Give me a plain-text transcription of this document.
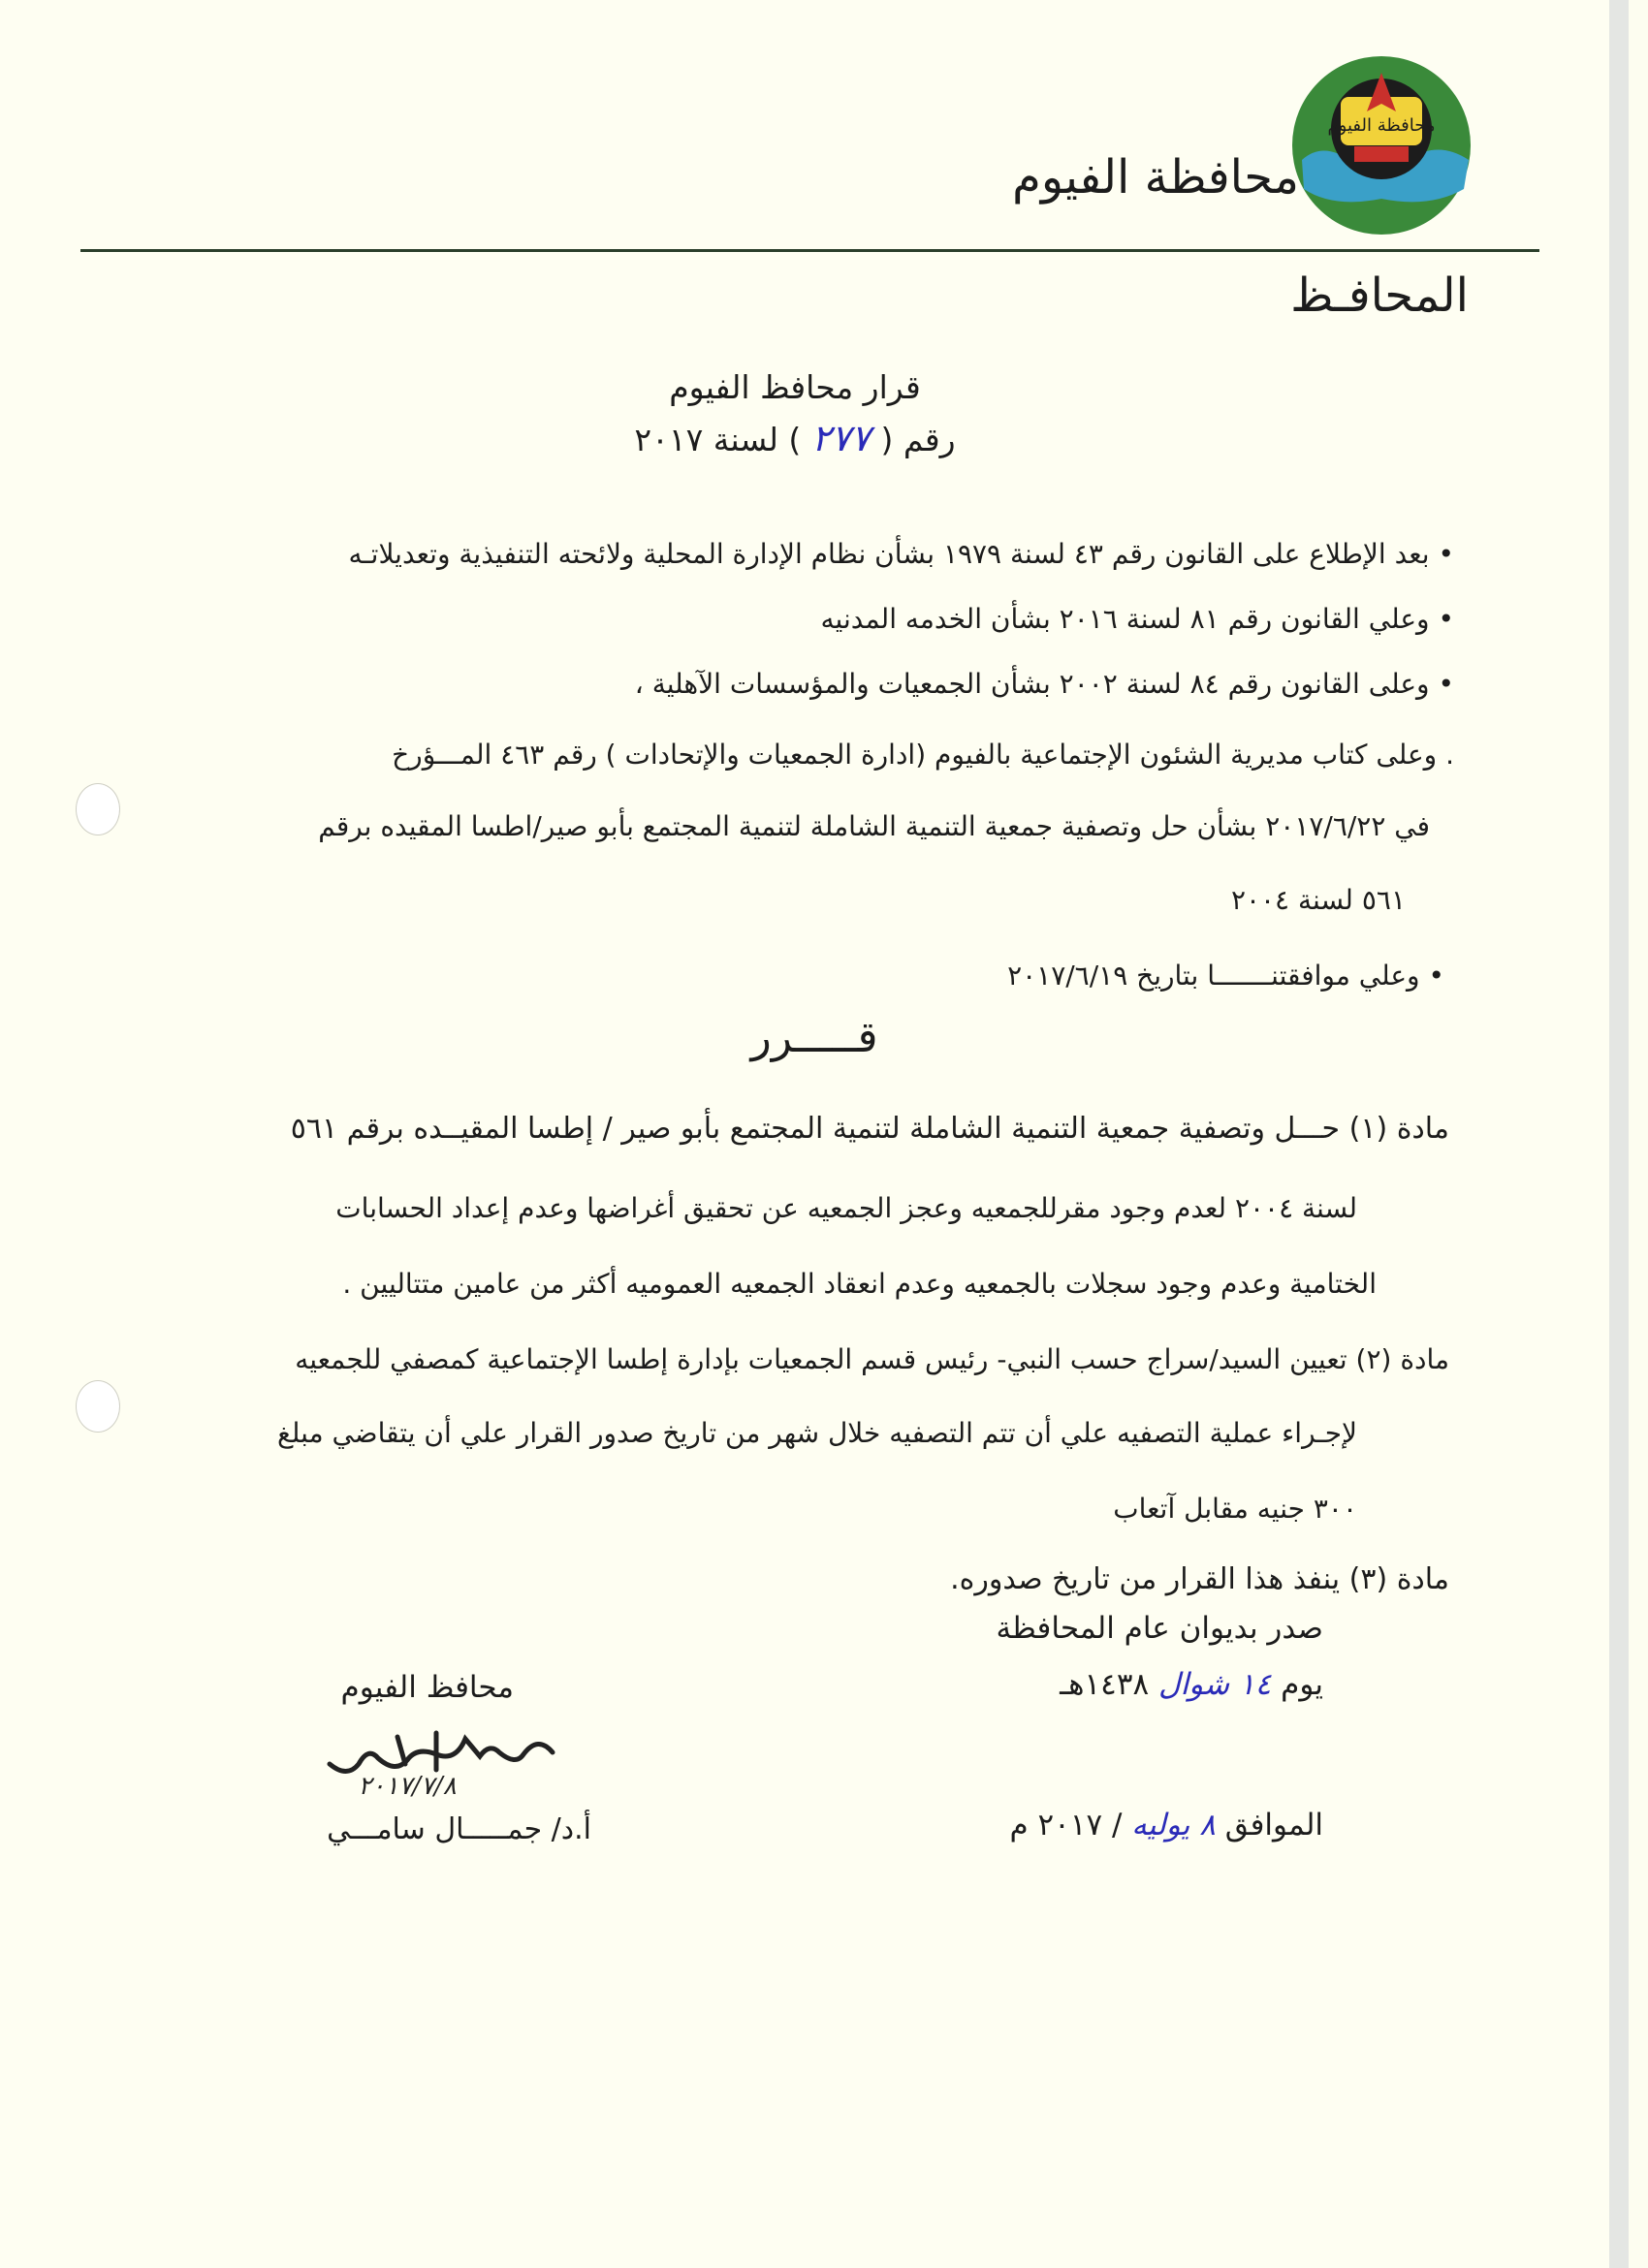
محافظة الفيوم
محافظة الفيوم
المحافـظ
قرار محافظ الفيوم
رقم ( ٢٧٧ ) لسنة ٢٠١٧
• بعد الإطلاع على القانون رقم ٤٣ لسنة ١٩٧٩ بشأن نظام الإدارة المحلية ولائحته التنفيذية وتعديلاتـه
• وعلي القانون رقم ٨١ لسنة ٢٠١٦ بشأن الخدمه المدنيه
• وعلى القانون رقم ٨٤ لسنة ٢٠٠٢ بشأن الجمعيات والمؤسسات الآهلية ،
. وعلى كتاب مديرية الشئون الإجتماعية بالفيوم (ادارة الجمعيات والإتحادات ) رقم ٤٦٣ المـــؤرخ
في ٢٠١٧/٦/٢٢ بشأن حل وتصفية جمعية التنمية الشاملة لتنمية المجتمع بأبو صير/اطسا المقيده برقم
٥٦١ لسنة ٢٠٠٤
• وعلي موافقتنـــــــا بتاريخ ٢٠١٧/٦/١٩
قـــــرر
مادة (١) حـــل وتصفية جمعية التنمية الشاملة لتنمية المجتمع بأبو صير / إطسا المقيــده برقم ٥٦١
لسنة ٢٠٠٤ لعدم وجود مقرللجمعيه وعجز الجمعيه عن تحقيق أغراضها وعدم إعداد الحسابات
الختامية وعدم وجود سجلات بالجمعيه وعدم انعقاد الجمعيه العموميه أكثر من عامين متتاليين .
مادة (٢) تعيين السيد/سراج حسب النبي- رئيس قسم الجمعيات بإدارة إطسا الإجتماعية كمصفي للجمعيه
لإجـراء عملية التصفيه علي أن تتم التصفيه خلال شهر من تاريخ صدور القرار علي أن يتقاضي مبلغ
٣٠٠ جنيه مقابل آتعاب
مادة (٣) ينفذ هذا القرار من تاريخ صدوره.
صدر بديوان عام المحافظة
يوم ١٤ شوال ١٤٣٨هـ
الموافق ٨ يوليه / ٢٠١٧ م
محافظ الفيوم
٢٠١٧/٧/٨
أ.د/ جمـــــال سامـــي
